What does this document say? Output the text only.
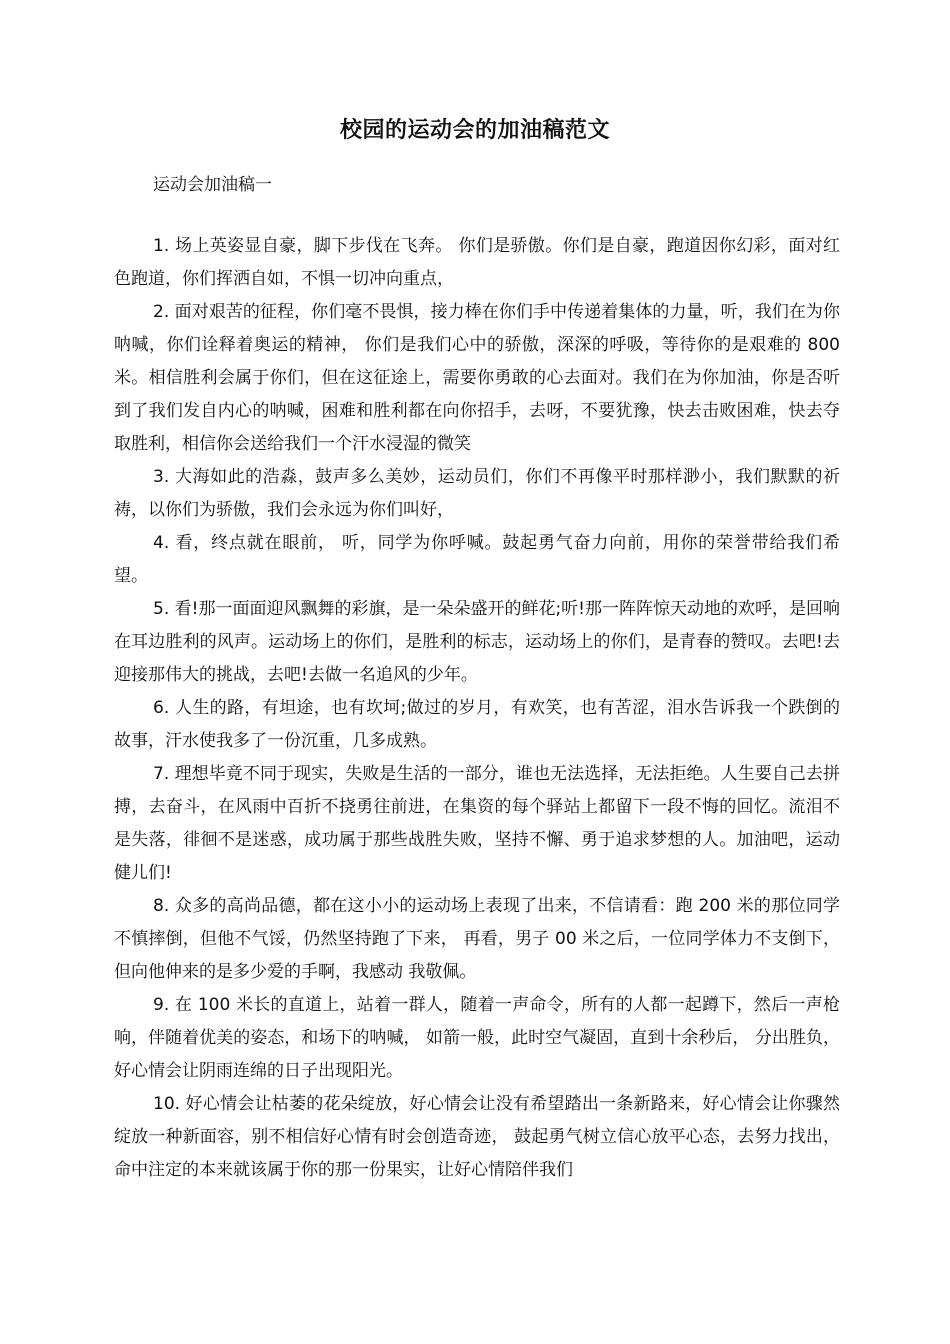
校园的运动会的加油稿范文
运动会加油稿一

1. 场上英姿显自豪，脚下步伐在飞奔。 你们是骄傲。你们是自豪，跑道因你幻彩，面对红色跑道，你们挥洒自如，不惧一切冲向重点，

2. 面对艰苦的征程，你们毫不畏惧，接力棒在你们手中传递着集体的力量，听，我们在为你呐喊，你们诠释着奥运的精神， 你们是我们心中的骄傲，深深的呼吸，等待你的是艰难的 800 米。相信胜利会属于你们，但在这征途上，需要你勇敢的心去面对。我们在为你加油，你是否听到了我们发自内心的呐喊，困难和胜利都在向你招手，去呀，不要犹豫，快去击败困难，快去夺取胜利，相信你会送给我们一个汗水浸湿的微笑

3. 大海如此的浩淼，鼓声多么美妙，运动员们，你们不再像平时那样渺小，我们默默的祈祷，以你们为骄傲，我们会永远为你们叫好，

4. 看，终点就在眼前， 听，同学为你呼喊。鼓起勇气奋力向前，用你的荣誉带给我们希望。

5. 看!那一面面迎风飘舞的彩旗，是一朵朵盛开的鲜花;听!那一阵阵惊天动地的欢呼，是回响在耳边胜利的风声。运动场上的你们，是胜利的标志，运动场上的你们，是青春的赞叹。去吧!去迎接那伟大的挑战，去吧!去做一名追风的少年。

6. 人生的路，有坦途，也有坎坷;做过的岁月，有欢笑，也有苦涩，泪水告诉我一个跌倒的故事，汗水使我多了一份沉重，几多成熟。

7. 理想毕竟不同于现实，失败是生活的一部分，谁也无法选择，无法拒绝。人生要自己去拼搏，去奋斗，在风雨中百折不挠勇往前进，在集资的每个驿站上都留下一段不悔的回忆。流泪不是失落，徘徊不是迷惑，成功属于那些战胜失败，坚持不懈、勇于追求梦想的人。加油吧，运动健儿们!

8. 众多的高尚品德，都在这小小的运动场上表现了出来，不信请看：跑 200 米的那位同学不慎摔倒，但他不气馁，仍然坚持跑了下来， 再看，男子 00 米之后，一位同学体力不支倒下，但向他伸来的是多少爱的手啊，我感动 我敬佩。

9. 在 100 米长的直道上，站着一群人，随着一声命令，所有的人都一起蹲下，然后一声枪响，伴随着优美的姿态，和场下的呐喊， 如箭一般，此时空气凝固，直到十余秒后， 分出胜负，好心情会让阴雨连绵的日子出现阳光。

10. 好心情会让枯萎的花朵绽放，好心情会让没有希望踏出一条新路来，好心情会让你骤然绽放一种新面容，别不相信好心情有时会创造奇迹， 鼓起勇气树立信心放平心态，去努力找出，命中注定的本来就该属于你的那一份果实，让好心情陪伴我们
